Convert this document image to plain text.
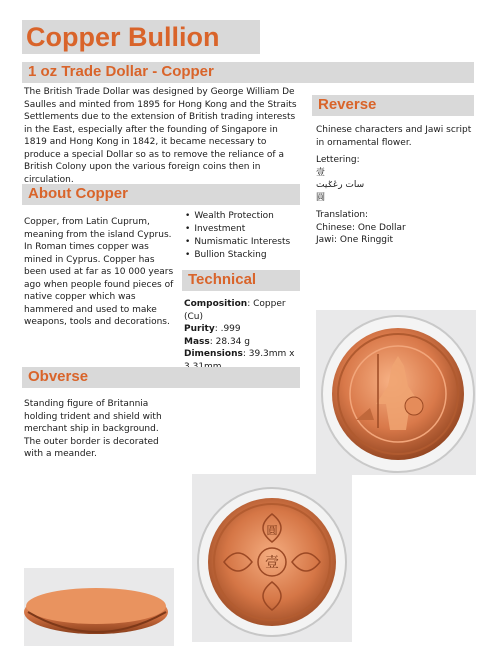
Copper Bullion
1 oz Trade Dollar - Copper

The British Trade Dollar was designed by George William De Saulles and minted from 1895 for Hong Kong and the Straits Settlements due to the extension of British trading interests in the East, especially after the founding of Singapore in 1819 and Hong Kong in 1842, it became necessary to produce a special Dollar so as to remove the reliance of a British Colony upon the various foreign coins then in circulation.

About Copper

Copper, from Latin Cuprum, meaning from the island Cyprus. In Roman times copper was mined in Cyprus. Copper has been used at far as 10 000 years ago when people found pieces of native copper which was hammered and used to make weapons, tools and decorations.

• Wealth Protection
• Investment
• Numismatic Interests
• Bullion Stacking
Technical

Composition: Copper (Cu)

Purity: .999

Mass: 28.34 g

Dimensions: 39.3mm x

Reverse

Chinese characters and Jawi script in ornamental flower.

Lettering:

壹

سات رڠݢيت

圓

Translation:

Chinese: One Dollar

Jawi: One Ringgit

Obverse

Standing figure of Britannia holding trident and shield with merchant ship in background. The outer border is decorated with a meander.

壹
圓
